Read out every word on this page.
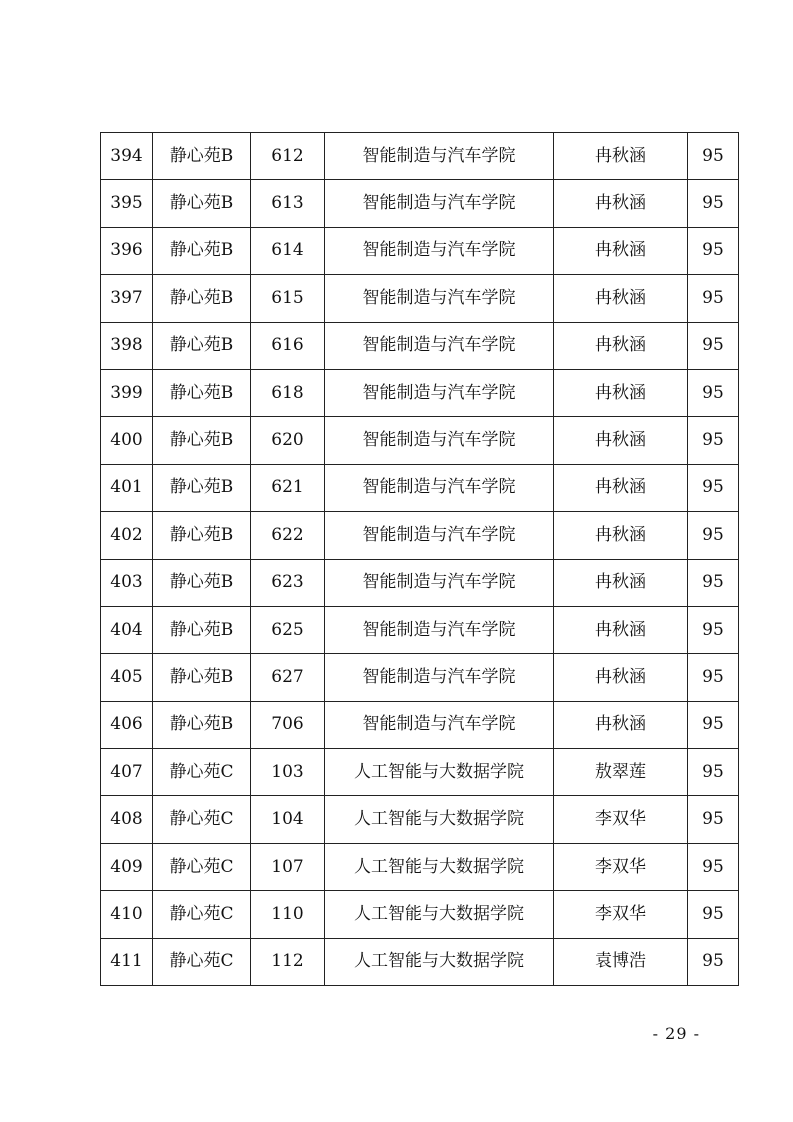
394	静心苑B	612	智能制造与汽车学院	冉秋涵	95
395	静心苑B	613	智能制造与汽车学院	冉秋涵	95
396	静心苑B	614	智能制造与汽车学院	冉秋涵	95
397	静心苑B	615	智能制造与汽车学院	冉秋涵	95
398	静心苑B	616	智能制造与汽车学院	冉秋涵	95
399	静心苑B	618	智能制造与汽车学院	冉秋涵	95
400	静心苑B	620	智能制造与汽车学院	冉秋涵	95
401	静心苑B	621	智能制造与汽车学院	冉秋涵	95
402	静心苑B	622	智能制造与汽车学院	冉秋涵	95
403	静心苑B	623	智能制造与汽车学院	冉秋涵	95
404	静心苑B	625	智能制造与汽车学院	冉秋涵	95
405	静心苑B	627	智能制造与汽车学院	冉秋涵	95
406	静心苑B	706	智能制造与汽车学院	冉秋涵	95
407	静心苑C	103	人工智能与大数据学院	敖翠莲	95
408	静心苑C	104	人工智能与大数据学院	李双华	95
409	静心苑C	107	人工智能与大数据学院	李双华	95
410	静心苑C	110	人工智能与大数据学院	李双华	95
411	静心苑C	112	人工智能与大数据学院	袁博浩	95
- 29 -
